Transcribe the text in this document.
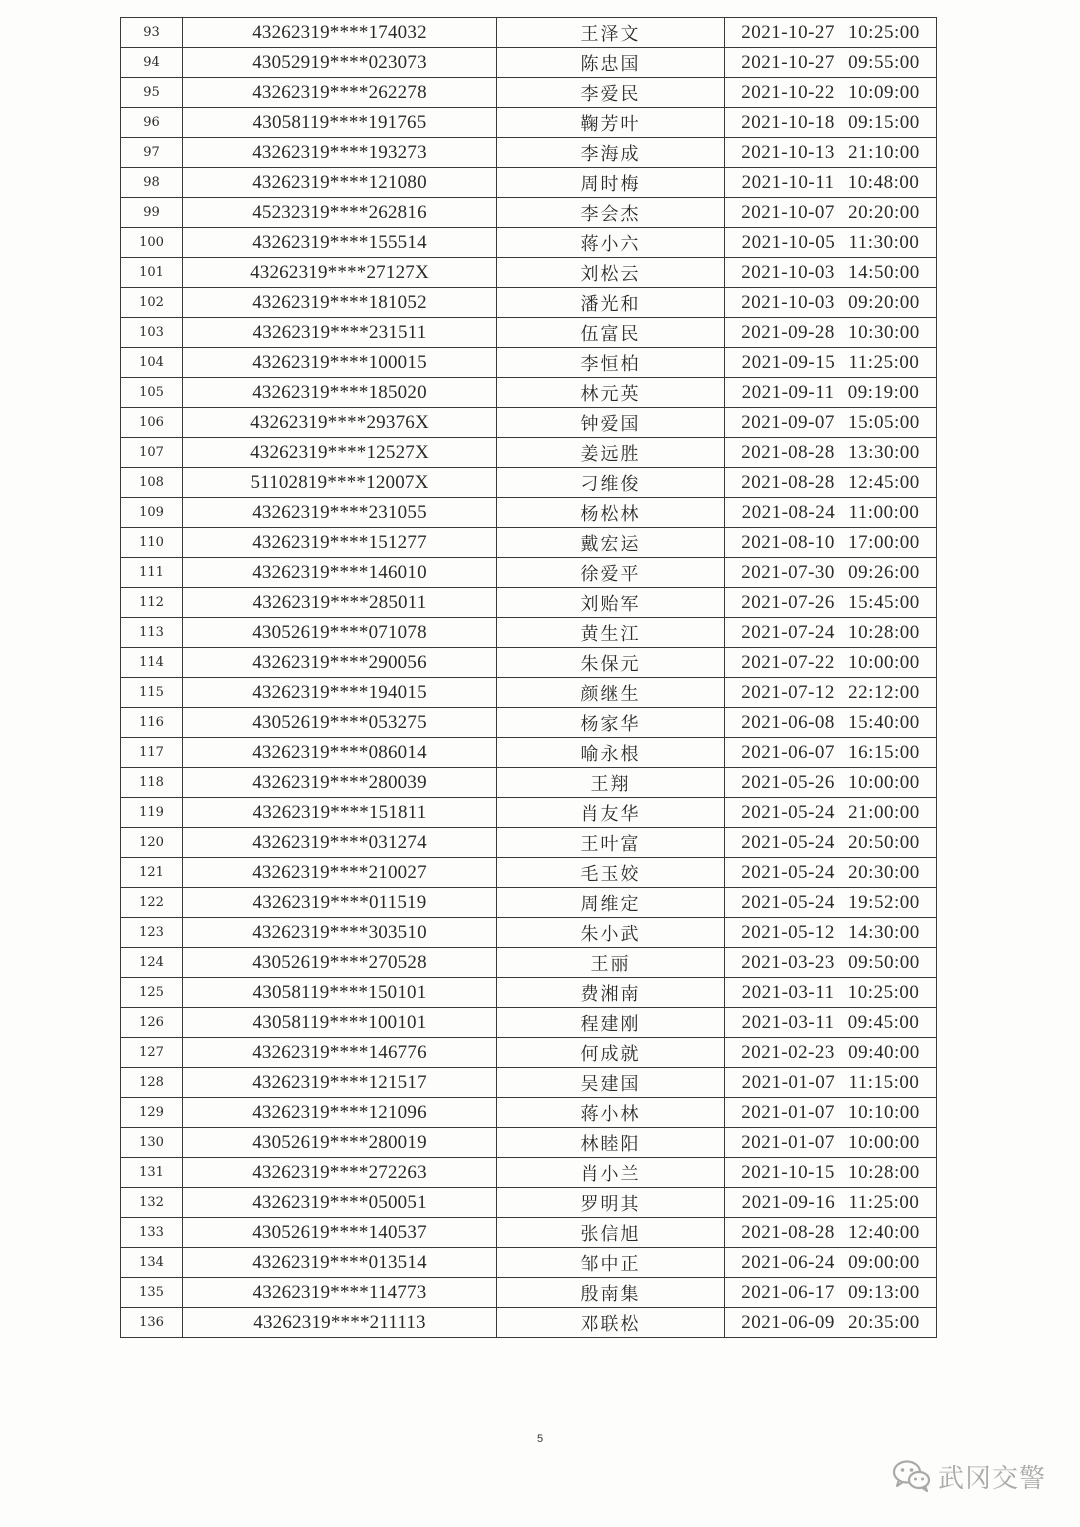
93	43262319****174032	王泽文	2021-10-27 10:25:00
94	43052919****023073	陈忠国	2021-10-27 09:55:00
95	43262319****262278	李爱民	2021-10-22 10:09:00
96	43058119****191765	鞠芳叶	2021-10-18 09:15:00
97	43262319****193273	李海成	2021-10-13 21:10:00
98	43262319****121080	周时梅	2021-10-11 10:48:00
99	45232319****262816	李会杰	2021-10-07 20:20:00
100	43262319****155514	蒋小六	2021-10-05 11:30:00
101	43262319****27127X	刘松云	2021-10-03 14:50:00
102	43262319****181052	潘光和	2021-10-03 09:20:00
103	43262319****231511	伍富民	2021-09-28 10:30:00
104	43262319****100015	李恒柏	2021-09-15 11:25:00
105	43262319****185020	林元英	2021-09-11 09:19:00
106	43262319****29376X	钟爱国	2021-09-07 15:05:00
107	43262319****12527X	姜远胜	2021-08-28 13:30:00
108	51102819****12007X	刁维俊	2021-08-28 12:45:00
109	43262319****231055	杨松林	2021-08-24 11:00:00
110	43262319****151277	戴宏运	2021-08-10 17:00:00
111	43262319****146010	徐爱平	2021-07-30 09:26:00
112	43262319****285011	刘贻军	2021-07-26 15:45:00
113	43052619****071078	黄生江	2021-07-24 10:28:00
114	43262319****290056	朱保元	2021-07-22 10:00:00
115	43262319****194015	颜继生	2021-07-12 22:12:00
116	43052619****053275	杨家华	2021-06-08 15:40:00
117	43262319****086014	喻永根	2021-06-07 16:15:00
118	43262319****280039	王翔	2021-05-26 10:00:00
119	43262319****151811	肖友华	2021-05-24 21:00:00
120	43262319****031274	王叶富	2021-05-24 20:50:00
121	43262319****210027	毛玉姣	2021-05-24 20:30:00
122	43262319****011519	周维定	2021-05-24 19:52:00
123	43262319****303510	朱小武	2021-05-12 14:30:00
124	43052619****270528	王丽	2021-03-23 09:50:00
125	43058119****150101	费湘南	2021-03-11 10:25:00
126	43058119****100101	程建刚	2021-03-11 09:45:00
127	43262319****146776	何成就	2021-02-23 09:40:00
128	43262319****121517	吴建国	2021-01-07 11:15:00
129	43262319****121096	蒋小林	2021-01-07 10:10:00
130	43052619****280019	林睦阳	2021-01-07 10:00:00
131	43262319****272263	肖小兰	2021-10-15 10:28:00
132	43262319****050051	罗明其	2021-09-16 11:25:00
133	43052619****140537	张信旭	2021-08-28 12:40:00
134	43262319****013514	邹中正	2021-06-24 09:00:00
135	43262319****114773	殷南集	2021-06-17 09:13:00
136	43262319****211113	邓联松	2021-06-09 20:35:00
5
武冈交警
